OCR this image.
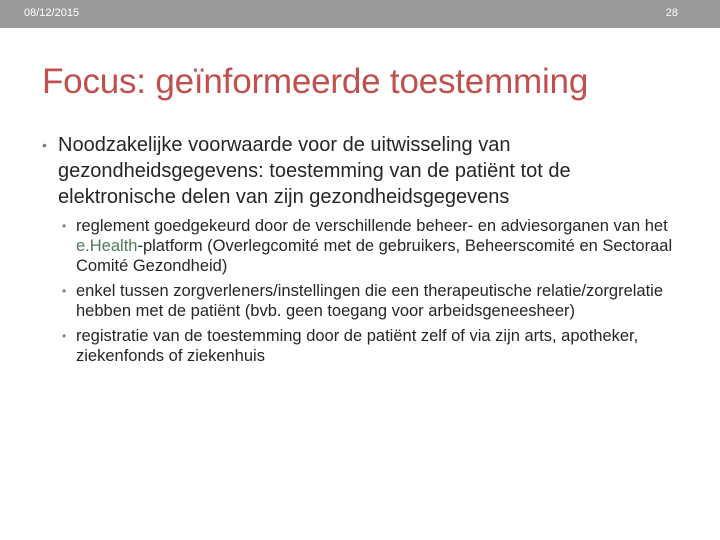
08/12/2015	28
Focus: geïnformeerde toestemming
• Noodzakelijke voorwaarde voor de uitwisseling van gezondheidsgegevens: toestemming van de patiënt tot de elektronische delen van zijn gezondheidsgegevens
• reglement goedgekeurd door de verschillende beheer- en adviesorganen van het e.Health-platform (Overlegcomité met de gebruikers, Beheerscomité en Sectoraal Comité Gezondheid)
• enkel tussen zorgverleners/instellingen die een therapeutische relatie/zorgrelatie hebben met de patiënt (bvb. geen toegang voor arbeidsgeneesheer)
• registratie van de toestemming door de patiënt zelf of via zijn arts, apotheker, ziekenfonds of ziekenhuis
